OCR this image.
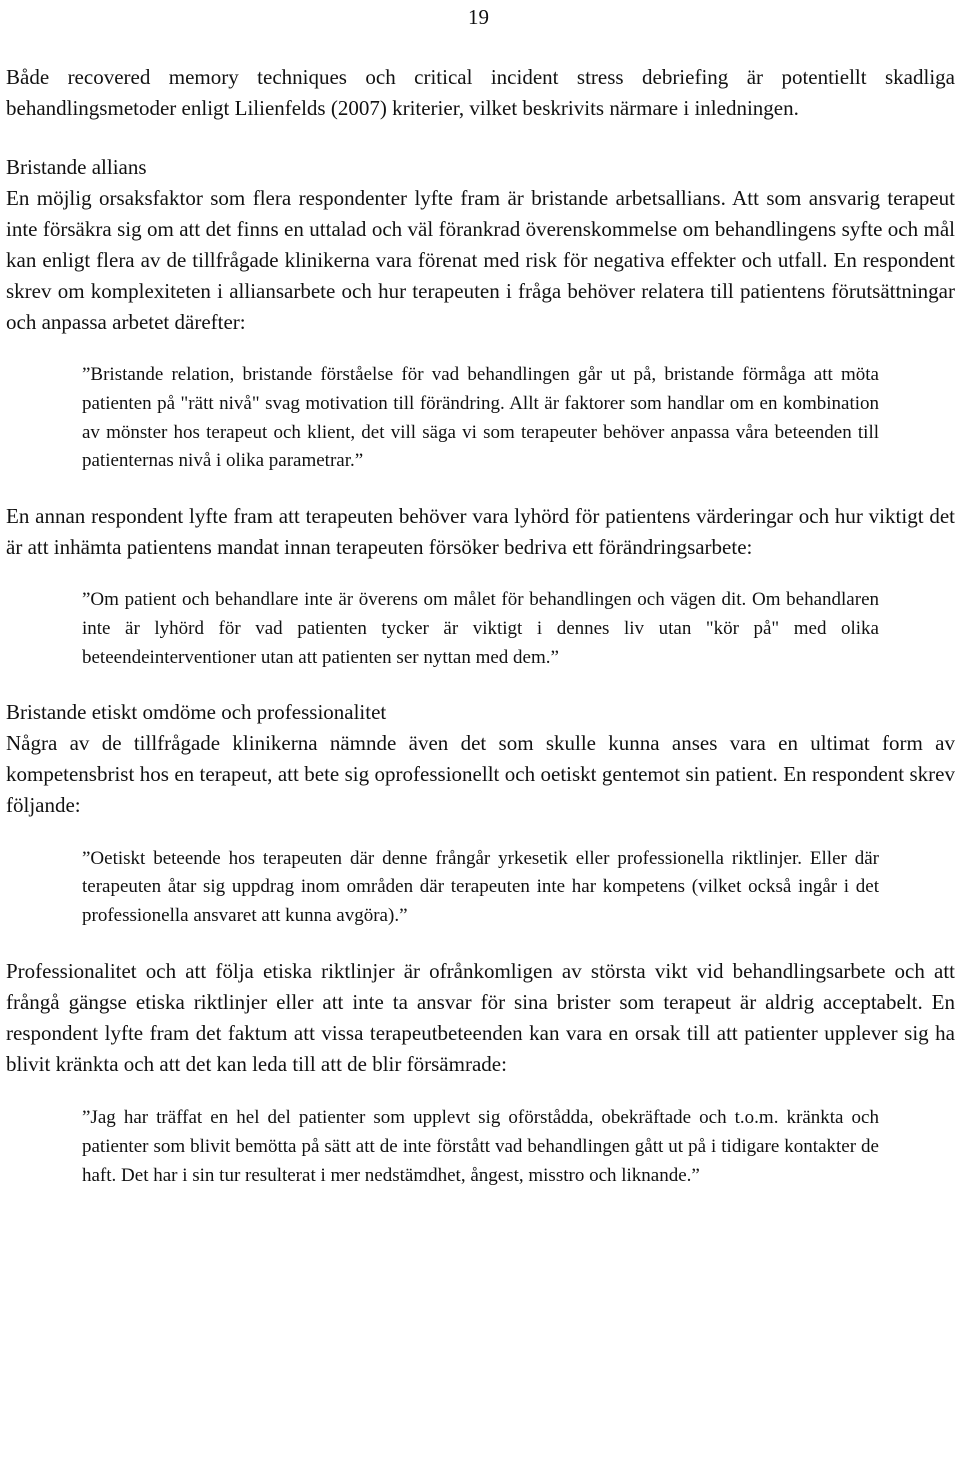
19

Både recovered memory techniques och critical incident stress debriefing är potentiellt skadliga behandlingsmetoder enligt Lilienfelds (2007) kriterier, vilket beskrivits närmare i inledningen.

Bristande allians

En möjlig orsaksfaktor som flera respondenter lyfte fram är bristande arbetsallians. Att som ansvarig terapeut inte försäkra sig om att det finns en uttalad och väl förankrad överenskommelse om behandlingens syfte och mål kan enligt flera av de tillfrågade klinikerna vara förenat med risk för negativa effekter och utfall. En respondent skrev om komplexiteten i alliansarbete och hur terapeuten i fråga behöver relatera till patientens förutsättningar och anpassa arbetet därefter:

”Bristande relation, bristande förståelse för vad behandlingen går ut på, bristande förmåga att möta patienten på "rätt nivå" svag motivation till förändring. Allt är faktorer som handlar om en kombination av mönster hos terapeut och klient, det vill säga vi som terapeuter behöver anpassa våra beteenden till patienternas nivå i olika parametrar.”

En annan respondent lyfte fram att terapeuten behöver vara lyhörd för patientens värderingar och hur viktigt det är att inhämta patientens mandat innan terapeuten försöker bedriva ett förändringsarbete:

”Om patient och behandlare inte är överens om målet för behandlingen och vägen dit. Om behandlaren inte är lyhörd för vad patienten tycker är viktigt i dennes liv utan "kör på" med olika beteendeinterventioner utan att patienten ser nyttan med dem.”

Bristande etiskt omdöme och professionalitet

Några av de tillfrågade klinikerna nämnde även det som skulle kunna anses vara en ultimat form av kompetensbrist hos en terapeut, att bete sig oprofessionellt och oetiskt gentemot sin patient. En respondent skrev följande:

”Oetiskt beteende hos terapeuten där denne frångår yrkesetik eller professionella riktlinjer. Eller där terapeuten åtar sig uppdrag inom områden där terapeuten inte har kompetens (vilket också ingår i det professionella ansvaret att kunna avgöra).”

Professionalitet och att följa etiska riktlinjer är ofrånkomligen av största vikt vid behandlingsarbete och att frångå gängse etiska riktlinjer eller att inte ta ansvar för sina brister som terapeut är aldrig acceptabelt. En respondent lyfte fram det faktum att vissa terapeutbeteenden kan vara en orsak till att patienter upplever sig ha blivit kränkta och att det kan leda till att de blir försämrade:

”Jag har träffat en hel del patienter som upplevt sig oförstådda, obekräftade och t.o.m. kränkta och patienter som blivit bemötta på sätt att de inte förstått vad behandlingen gått ut på i tidigare kontakter de haft. Det har i sin tur resulterat i mer nedstämdhet, ångest, misstro och liknande.”
